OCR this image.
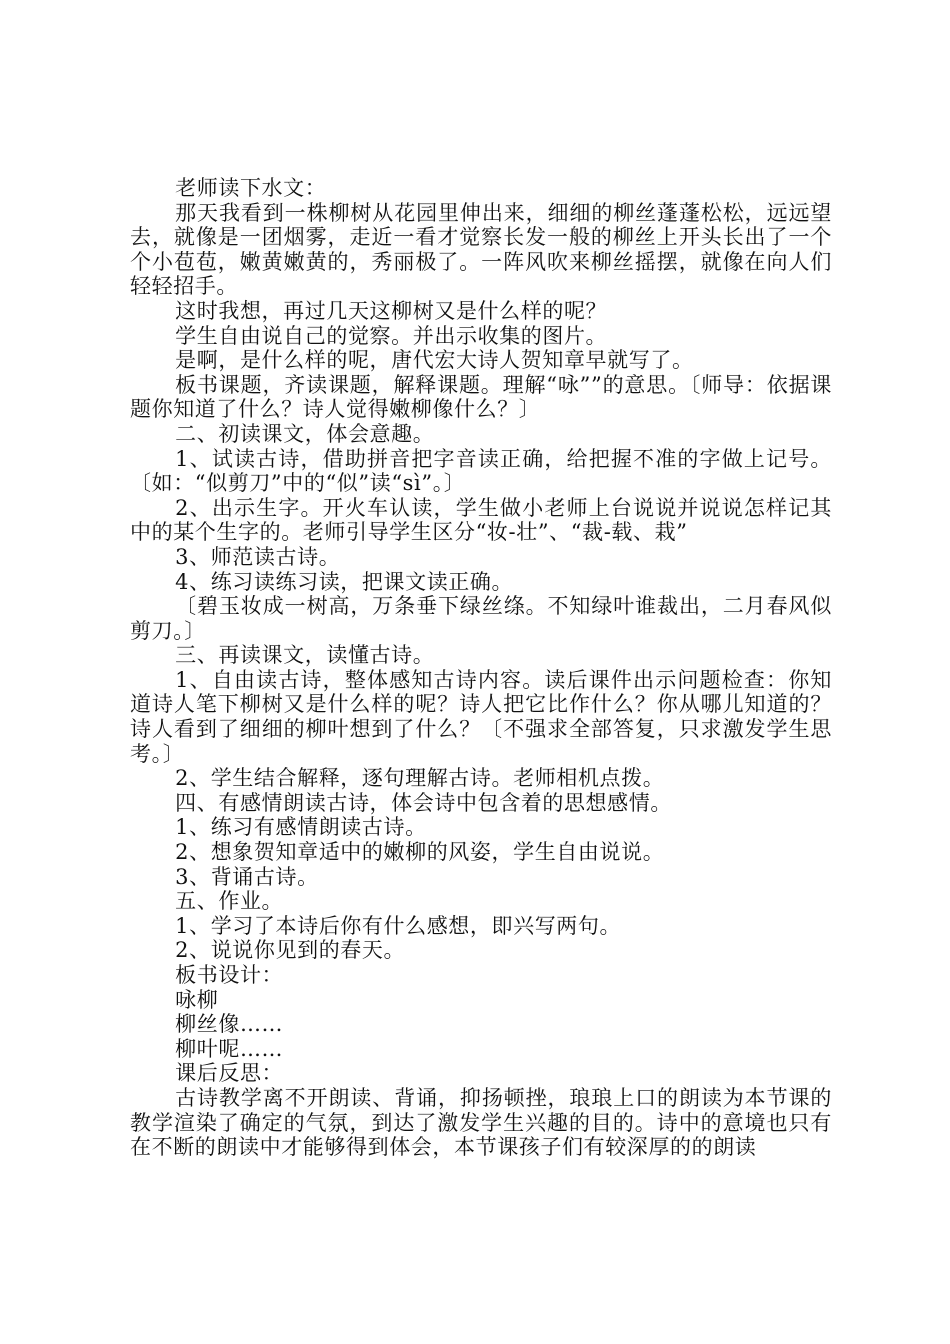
老师读下水文：

那天我看到一株柳树从花园里伸出来，细细的柳丝蓬蓬松松，远远望去，就像是一团烟雾，走近一看才觉察长发一般的柳丝上开头长出了一个个小苞苞，嫩黄嫩黄的，秀丽极了。一阵风吹来柳丝摇摆，就像在向人们轻轻招手。

这时我想，再过几天这柳树又是什么样的呢？

学生自由说自己的觉察。并出示收集的图片。

是啊，是什么样的呢，唐代宏大诗人贺知章早就写了。

板书课题，齐读课题，解释课题。理解“咏””的意思。〔师导：依据课题你知道了什么？诗人觉得嫩柳像什么？〕

二、初读课文，体会意趣。

1、试读古诗，借助拼音把字音读正确，给把握不准的字做上记号。〔如：“似剪刀”中的“似”读“sì”。〕

2、出示生字。开火车认读，学生做小老师上台说说并说说怎样记其中的某个生字的。老师引导学生区分“妆-壮”、“裁-载、栽”

3、师范读古诗。

4、练习读练习读，把课文读正确。

〔碧玉妆成一树高，万条垂下绿丝绦。不知绿叶谁裁出，二月春风似剪刀。〕

三、再读课文，读懂古诗。

1、自由读古诗，整体感知古诗内容。读后课件出示问题检查：你知道诗人笔下柳树又是什么样的呢？诗人把它比作什么？你从哪儿知道的？诗人看到了细细的柳叶想到了什么？〔不强求全部答复，只求激发学生思考。〕

2、学生结合解释，逐句理解古诗。老师相机点拨。

四、有感情朗读古诗，体会诗中包含着的思想感情。

1、练习有感情朗读古诗。

2、想象贺知章适中的嫩柳的风姿，学生自由说说。

3、背诵古诗。

五、作业。

1、学习了本诗后你有什么感想，即兴写两句。

2、说说你见到的春天。

板书设计：

咏柳

柳丝像……

柳叶呢……

课后反思：

古诗教学离不开朗读、背诵，抑扬顿挫，琅琅上口的朗读为本节课的教学渲染了确定的气氛，到达了激发学生兴趣的目的。诗中的意境也只有在不断的朗读中才能够得到体会，本节课孩子们有较深厚的的朗读
